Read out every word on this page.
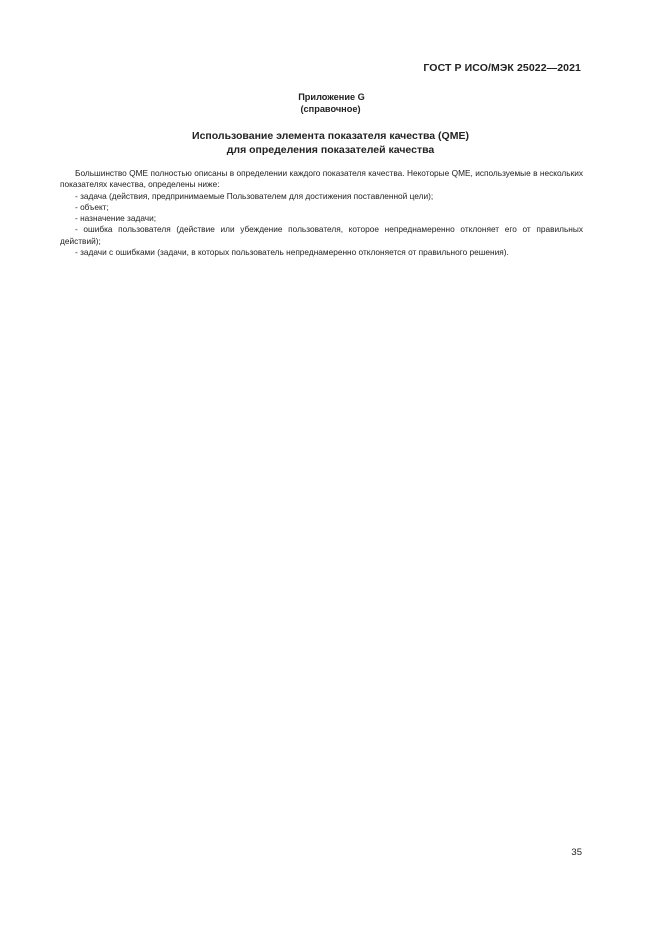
ГОСТ Р ИСО/МЭК 25022—2021
Приложение G
(справочное)
Использование элемента показателя качества (QME)
для определения показателей качества

Большинство QME полностью описаны в определении каждого показателя качества. Некоторые QME, используемые в нескольких показателях качества, определены ниже:

- задача (действия, предпринимаемые Пользователем для достижения поставленной цели);

- объект;

- назначение задачи;

- ошибка пользователя (действие или убеждение пользователя, которое непреднамеренно отклоняет его от правильных действий);

- задачи с ошибками (задачи, в которых пользователь непреднамеренно отклоняется от правильного решения).

35
